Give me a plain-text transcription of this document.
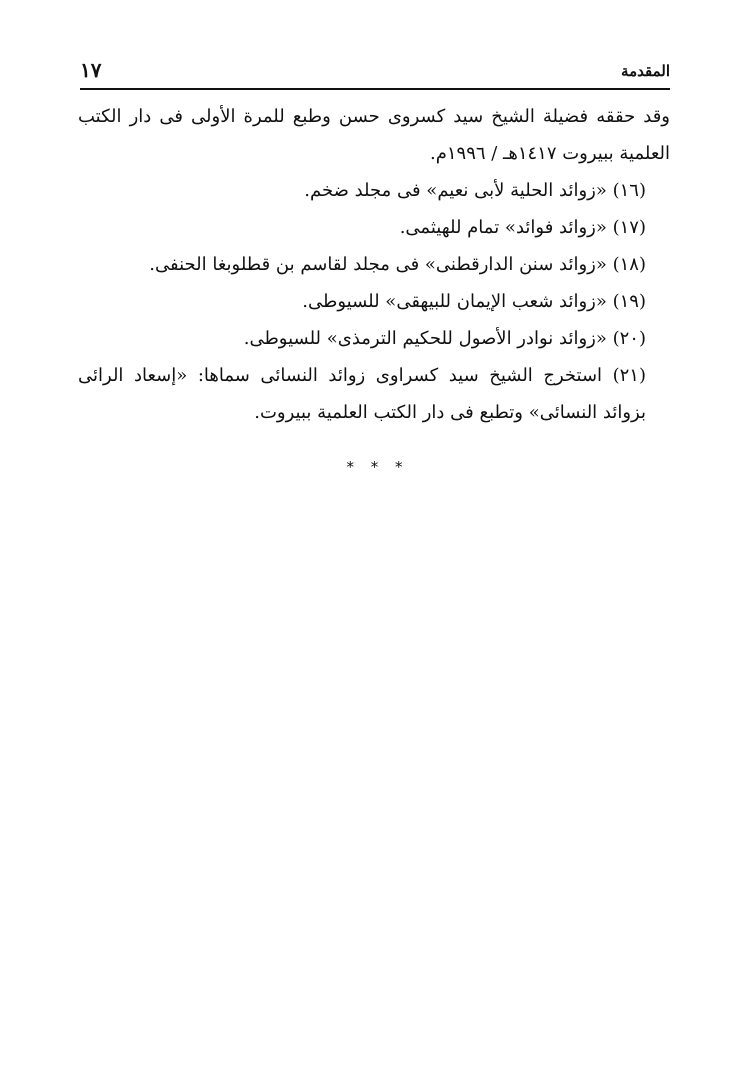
المقدمة
١٧

وقد حققه فضيلة الشيخ سيد كسروى حسن وطبع للمرة الأولى فى دار الكتب العلمية ببيروت ١٤١٧هـ / ١٩٩٦م.

(١٦) «زوائد الحلية لأبى نعيم» فى مجلد ضخم.

(١٧) «زوائد فوائد» تمام للهيثمى.

(١٨) «زوائد سنن الدارقطنى» فى مجلد لقاسم بن قطلوبغا الحنفى.

(١٩) «زوائد شعب الإيمان للبيهقى» للسيوطى.

(٢٠) «زوائد نوادر الأصول للحكيم الترمذى» للسيوطى.

(٢١) استخرج الشيخ سيد كسراوى زوائد النسائى سماها: «إسعاد الرائى بزوائد النسائى» وتطبع فى دار الكتب العلمية ببيروت.

* * *
